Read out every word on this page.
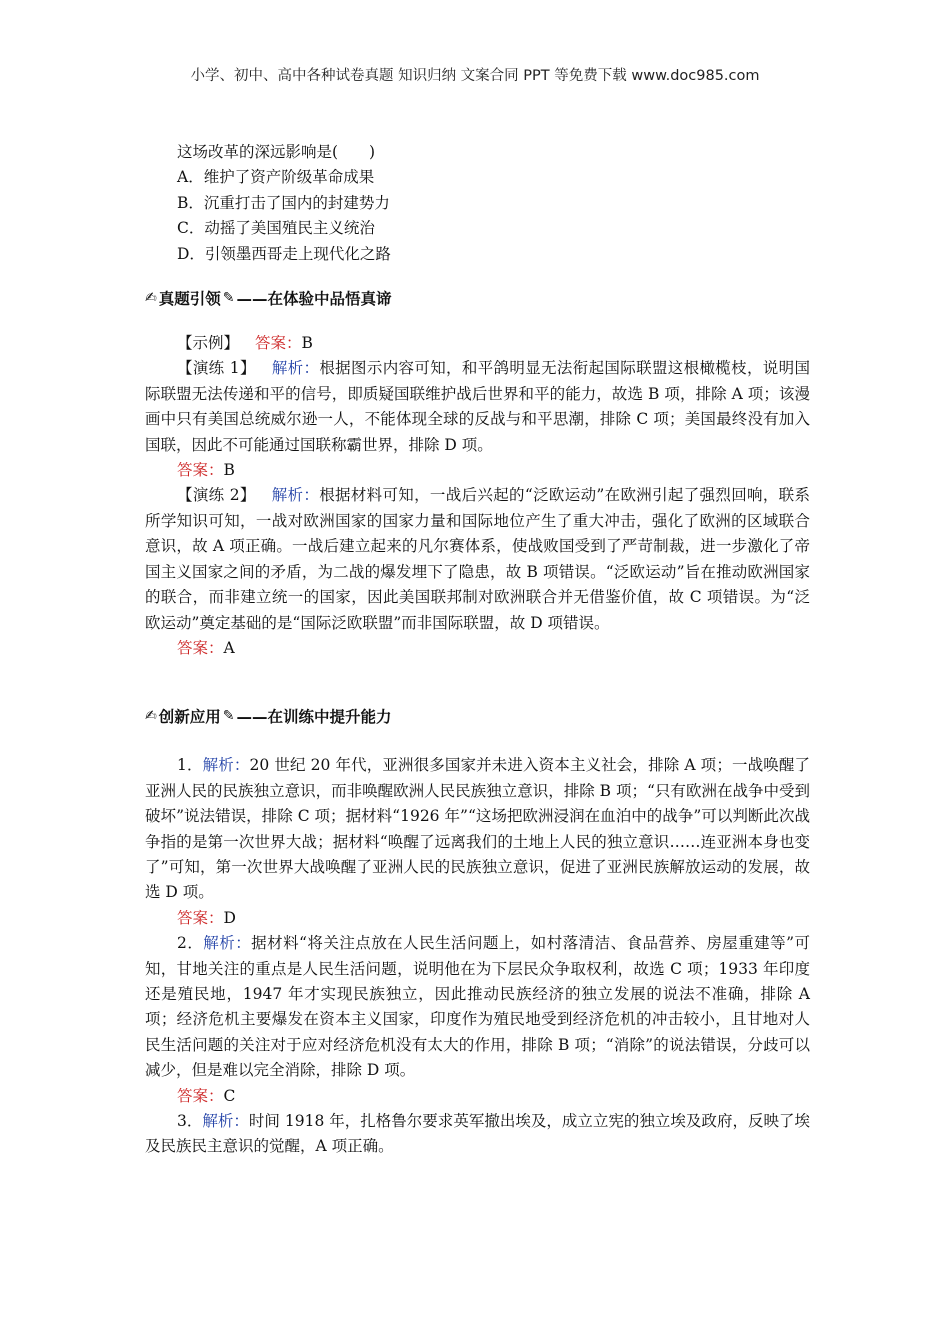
小学、初中、高中各种试卷真题 知识归纳 文案合同 PPT 等免费下载 www.doc985.com

这场改革的深远影响是(　　)

A．维护了资产阶级革命成果

B．沉重打击了国内的封建势力

C．动摇了美国殖民主义统治

D．引领墨西哥走上现代化之路

✍ 真题引领 ✎ ——在体验中品悟真谛

【示例】 答案：B

【演练 1】 解析：根据图示内容可知，和平鸽明显无法衔起国际联盟这根橄榄枝，说明国际联盟无法传递和平的信号，即质疑国联维护战后世界和平的能力，故选 B 项，排除 A 项；该漫画中只有美国总统威尔逊一人，不能体现全球的反战与和平思潮，排除 C 项；美国最终没有加入国联，因此不可能通过国联称霸世界，排除 D 项。

答案：B

【演练 2】 解析：根据材料可知，一战后兴起的“泛欧运动”在欧洲引起了强烈回响，联系所学知识可知，一战对欧洲国家的国家力量和国际地位产生了重大冲击，强化了欧洲的区域联合意识，故 A 项正确。一战后建立起来的凡尔赛体系，使战败国受到了严苛制裁，进一步激化了帝国主义国家之间的矛盾，为二战的爆发埋下了隐患，故 B 项错误。“泛欧运动”旨在推动欧洲国家的联合，而非建立统一的国家，因此美国联邦制对欧洲联合并无借鉴价值，故 C 项错误。为“泛欧运动”奠定基础的是“国际泛欧联盟”而非国际联盟，故 D 项错误。

答案：A

✍ 创新应用 ✎ ——在训练中提升能力

1．解析：20 世纪 20 年代，亚洲很多国家并未进入资本主义社会，排除 A 项；一战唤醒了亚洲人民的民族独立意识，而非唤醒欧洲人民民族独立意识，排除 B 项；“只有欧洲在战争中受到破坏”说法错误，排除 C 项；据材料“1926 年”“这场把欧洲浸润在血泊中的战争”可以判断此次战争指的是第一次世界大战；据材料“唤醒了远离我们的土地上人民的独立意识……连亚洲本身也变了”可知，第一次世界大战唤醒了亚洲人民的民族独立意识，促进了亚洲民族解放运动的发展，故选 D 项。

答案：D

2．解析：据材料“将关注点放在人民生活问题上，如村落清洁、食品营养、房屋重建等”可知，甘地关注的重点是人民生活问题，说明他在为下层民众争取权利，故选 C 项；1933 年印度还是殖民地，1947 年才实现民族独立，因此推动民族经济的独立发展的说法不准确，排除 A 项；经济危机主要爆发在资本主义国家，印度作为殖民地受到经济危机的冲击较小，且甘地对人民生活问题的关注对于应对经济危机没有太大的作用，排除 B 项；“消除”的说法错误，分歧可以减少，但是难以完全消除，排除 D 项。

答案：C

3．解析：时间 1918 年，扎格鲁尔要求英军撤出埃及，成立立宪的独立埃及政府，反映了埃及民族民主意识的觉醒，A 项正确。
